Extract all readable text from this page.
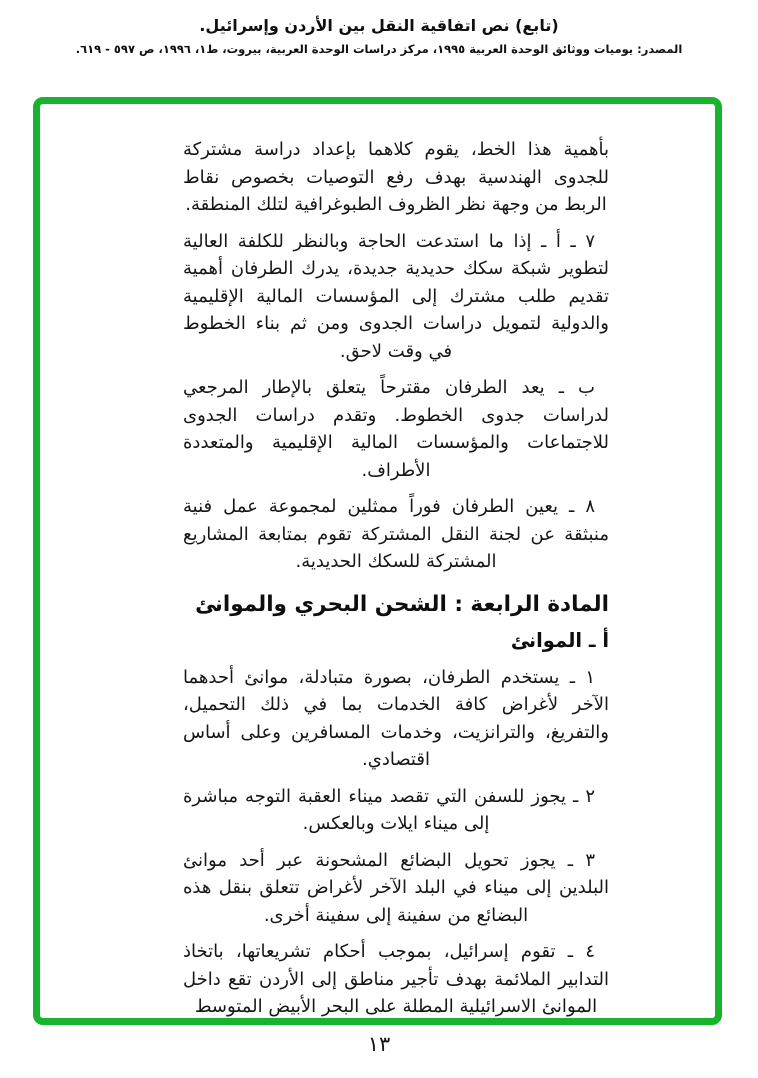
(تابع) نص اتفاقية النقل بين الأردن وإسرائيل.
المصدر: يوميات ووثائق الوحدة العربية ١٩٩٥، مركز دراسات الوحدة العربية، بيروت، ط١، ١٩٩٦، ص ٥٩٧ - ٦١٩.

بأهمية هذا الخط، يقوم كلاهما بإعداد دراسة مشتركة للجدوى الهندسية بهدف رفع التوصيات بخصوص نقاط الربط من وجهة نظر الظروف الطبوغرافية لتلك المنطقة.

٧ ـ أ ـ إذا ما استدعت الحاجة وبالنظر للكلفة العالية لتطوير شبكة سكك حديدية جديدة، يدرك الطرفان أهمية تقديم طلب مشترك إلى المؤسسات المالية الإقليمية والدولية لتمويل دراسات الجدوى ومن ثم بناء الخطوط في وقت لاحق.

ب ـ يعد الطرفان مقترحاً يتعلق بالإطار المرجعي لدراسات جدوى الخطوط. وتقدم دراسات الجدوى للاجتماعات والمؤسسات المالية الإقليمية والمتعددة الأطراف.

٨ ـ يعين الطرفان فوراً ممثلين لمجموعة عمل فنية منبثقة عن لجنة النقل المشتركة تقوم بمتابعة المشاريع المشتركة للسكك الحديدية.

المادة الرابعة : الشحن البحري والموانئ
أ ـ الموانئ

١ ـ يستخدم الطرفان، بصورة متبادلة، موانئ أحدهما الآخر لأغراض كافة الخدمات بما في ذلك التحميل، والتفريغ، والترانزيت، وخدمات المسافرين وعلى أساس اقتصادي.

٢ ـ يجوز للسفن التي تقصد ميناء العقبة التوجه مباشرة إلى ميناء ايلات وبالعكس.

٣ ـ يجوز تحويل البضائع المشحونة عبر أحد موانئ البلدين إلى ميناء في البلد الآخر لأغراض تتعلق بنقل هذه البضائع من سفينة إلى سفينة أخرى.

٤ ـ تقوم إسرائيل، بموجب أحكام تشريعاتها، باتخاذ التدابير الملائمة بهدف تأجير مناطق إلى الأردن تقع داخل الموانئ الاسرائيلية المطلة على البحر الأبيض المتوسط

١٣
